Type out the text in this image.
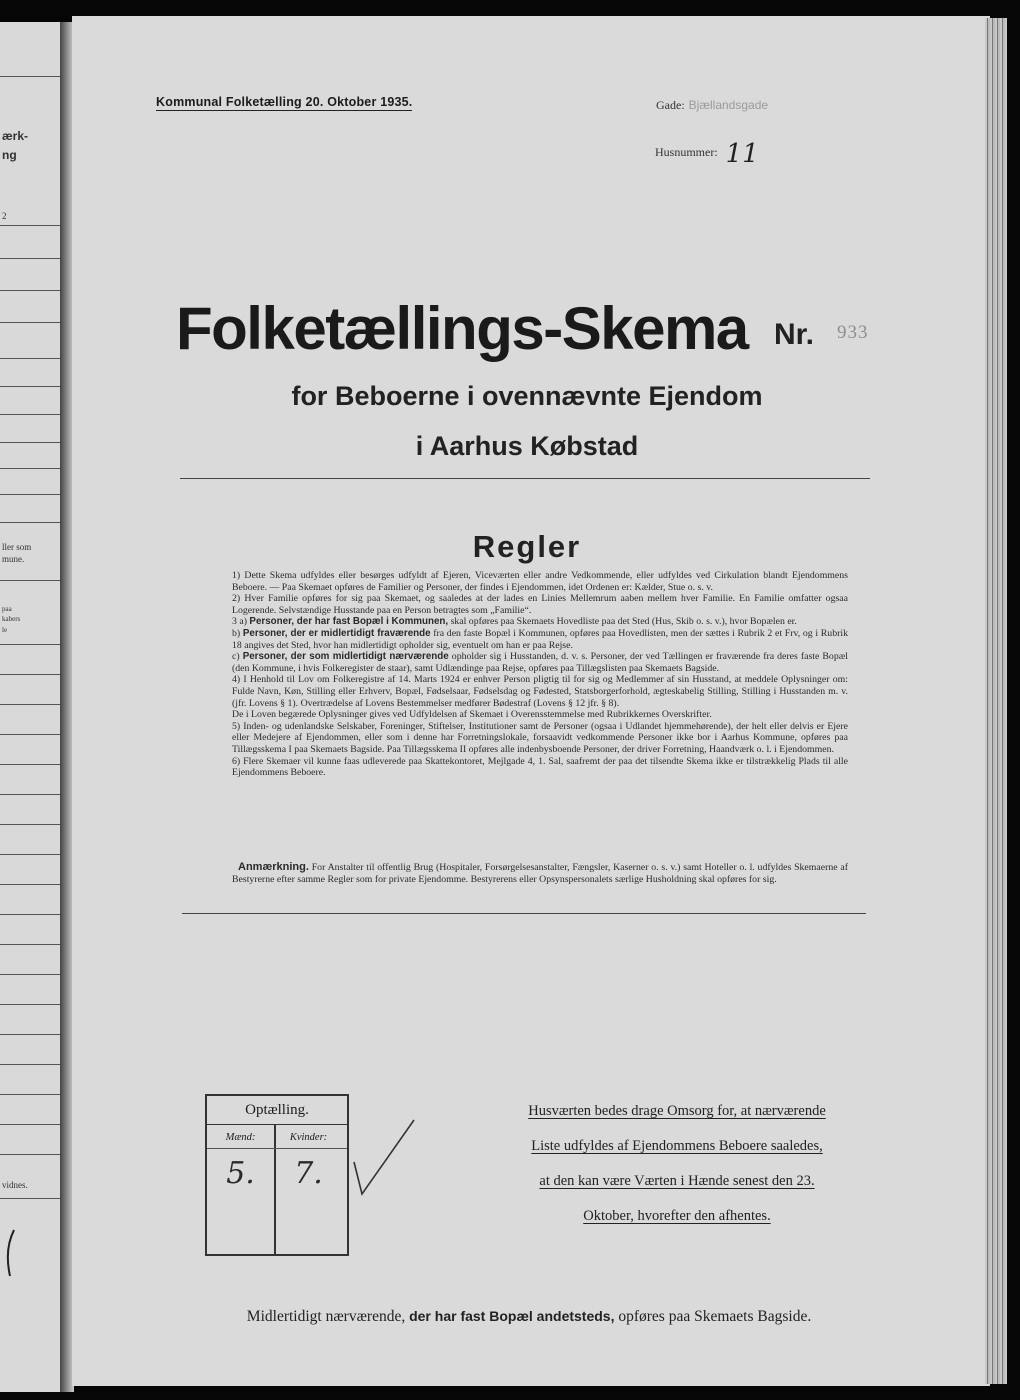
ærk-
ng
2
ller som
mune.
paa
kabers
le
vidnes.
Kommunal Folketælling 20. Oktober 1935.	Gade: Bjællandsgade
Husnummer: 11
Folketællings-Skema Nr. 933
for Beboerne i ovennævnte Ejendom
i Aarhus Købstad
Regler

1) Dette Skema udfyldes eller besørges udfyldt af Ejeren, Viceværten eller andre Vedkommende, eller udfyldes ved Cirkulation blandt Ejendommens Beboere. — Paa Skemaet opføres de Familier og Personer, der findes i Ejendommen, idet Ordenen er: Kælder, Stue o. s. v.

2) Hver Familie opføres for sig paa Skemaet, og saaledes at der lades en Linies Mellemrum aaben mellem hver Familie. En Familie omfatter ogsaa Logerende. Selvstændige Husstande paa en Person betragtes som „Familie“.

3 a) Personer, der har fast Bopæl i Kommunen, skal opføres paa Skemaets Hovedliste paa det Sted (Hus, Skib o. s. v.), hvor Bopælen er.

b) Personer, der er midlertidigt fraværende fra den faste Bopæl i Kommunen, opføres paa Hovedlisten, men der sættes i Rubrik 2 et Frv, og i Rubrik 18 angives det Sted, hvor han midlertidigt opholder sig, eventuelt om han er paa Rejse.

c) Personer, der som midlertidigt nærværende opholder sig i Husstanden, d. v. s. Personer, der ved Tællingen er fraværende fra deres faste Bopæl (den Kommune, i hvis Folkeregister de staar), samt Udlændinge paa Rejse, opføres paa Tillægslisten paa Skemaets Bagside.

4) I Henhold til Lov om Folkeregistre af 14. Marts 1924 er enhver Person pligtig til for sig og Medlemmer af sin Husstand, at meddele Oplysninger om: Fulde Navn, Køn, Stilling eller Erhverv, Bopæl, Fødselsaar, Fødselsdag og Fødested, Statsborgerforhold, ægteskabelig Stilling, Stilling i Husstanden m. v. (jfr. Lovens § 1). Overtrædelse af Lovens Bestemmelser medfører Bødestraf (Lovens § 12 jfr. § 8).

De i Loven begærede Oplysninger gives ved Udfyldelsen af Skemaet i Overensstemmelse med Rubrikkernes Overskrifter.

5) Inden- og udenlandske Selskaber, Foreninger, Stiftelser, Institutioner samt de Personer (ogsaa i Udlandet hjemmehørende), der helt eller delvis er Ejere eller Medejere af Ejendommen, eller som i denne har Forretningslokale, forsaavidt vedkommende Personer ikke bor i Aarhus Kommune, opføres paa Tillægsskema I paa Skemaets Bagside. Paa Tillægsskema II opføres alle indenbysboende Personer, der driver Forretning, Haandværk o. l. i Ejendommen.

6) Flere Skemaer vil kunne faas udleverede paa Skattekontoret, Mejlgade 4, 1. Sal, saafremt der paa det tilsendte Skema ikke er tilstrækkelig Plads til alle Ejendommens Beboere.

Anmærkning. For Anstalter til offentlig Brug (Hospitaler, Forsørgelsesanstalter, Fængsler, Kaserner o. s. v.) samt Hoteller o. l. udfyldes Skemaerne af Bestyrerne efter samme Regler som for private Ejendomme. Bestyrerens eller Opsynspersonalets særlige Husholdning skal opføres for sig.
Optælling.
Mænd:	Kvinder:
5.	7.
Husværten bedes drage Omsorg for, at nærværende
Liste udfyldes af Ejendommens Beboere saaledes,
at den kan være Værten i Hænde senest den 23.
Oktober, hvorefter den afhentes.
Midlertidigt nærværende, der har fast Bopæl andetsteds, opføres paa Skemaets Bagside.
